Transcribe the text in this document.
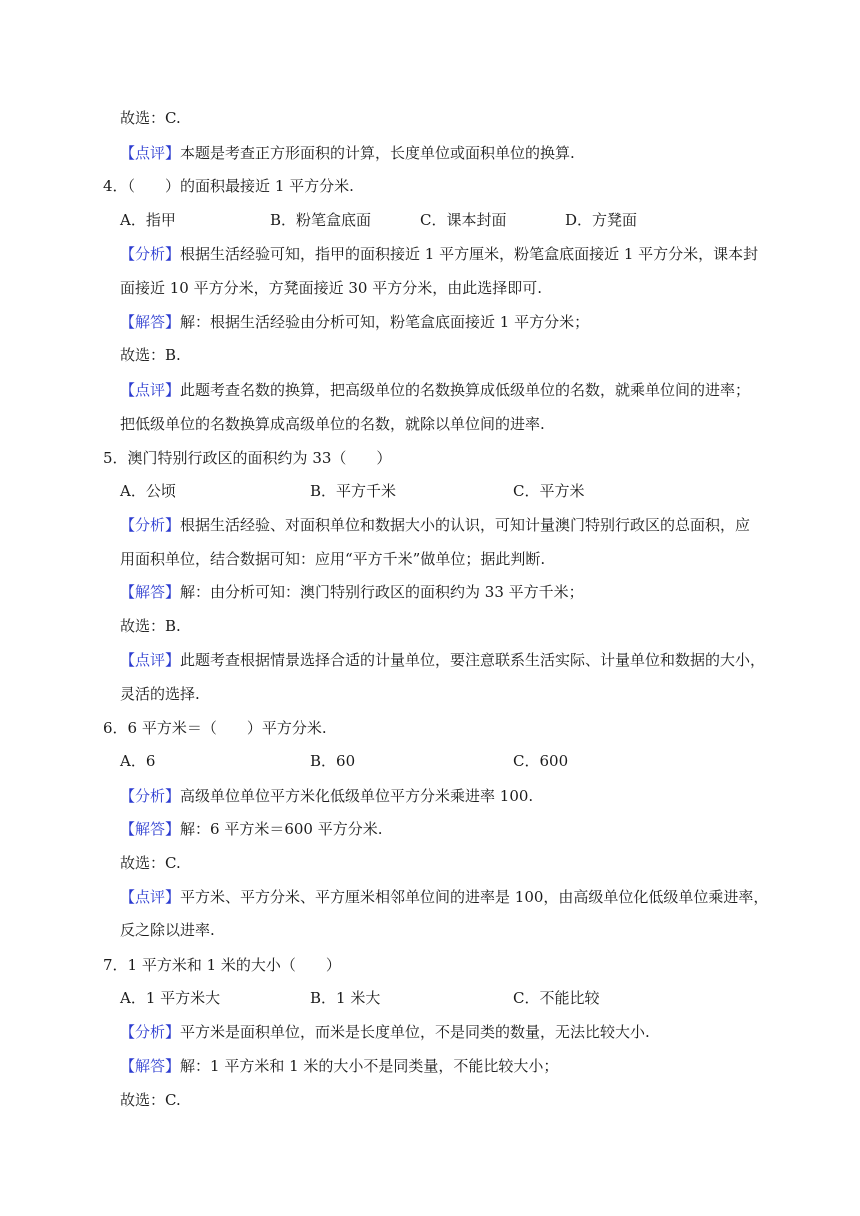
故选：C.
【点评】本题是考查正方形面积的计算，长度单位或面积单位的换算.
4．（　　）的面积最接近 1 平方分米.
A．指甲	B．粉笔盒底面	C．课本封面	D．方凳面
【分析】根据生活经验可知，指甲的面积接近 1 平方厘米，粉笔盒底面接近 1 平方分米，课本封
面接近 10 平方分米，方凳面接近 30 平方分米，由此选择即可.
【解答】解：根据生活经验由分析可知，粉笔盒底面接近 1 平方分米；
故选：B.
【点评】此题考查名数的换算，把高级单位的名数换算成低级单位的名数，就乘单位间的进率；
把低级单位的名数换算成高级单位的名数，就除以单位间的进率.
5．澳门特别行政区的面积约为 33（　　）
A．公顷	B．平方千米	C．平方米
【分析】根据生活经验、对面积单位和数据大小的认识，可知计量澳门特别行政区的总面积，应
用面积单位，结合数据可知：应用“平方千米”做单位；据此判断.
【解答】解：由分析可知：澳门特别行政区的面积约为 33 平方千米；
故选：B.
【点评】此题考查根据情景选择合适的计量单位，要注意联系生活实际、计量单位和数据的大小，
灵活的选择.
6．6 平方米＝（　　）平方分米.
A．6	B．60	C．600
【分析】高级单位单位平方米化低级单位平方分米乘进率 100.
【解答】解：6 平方米＝600 平方分米.
故选：C.
【点评】平方米、平方分米、平方厘米相邻单位间的进率是 100，由高级单位化低级单位乘进率，
反之除以进率.
7．1 平方米和 1 米的大小（　　）
A．1 平方米大	B．1 米大	C．不能比较
【分析】平方米是面积单位，而米是长度单位，不是同类的数量，无法比较大小.
【解答】解：1 平方米和 1 米的大小不是同类量，不能比较大小；
故选：C.
